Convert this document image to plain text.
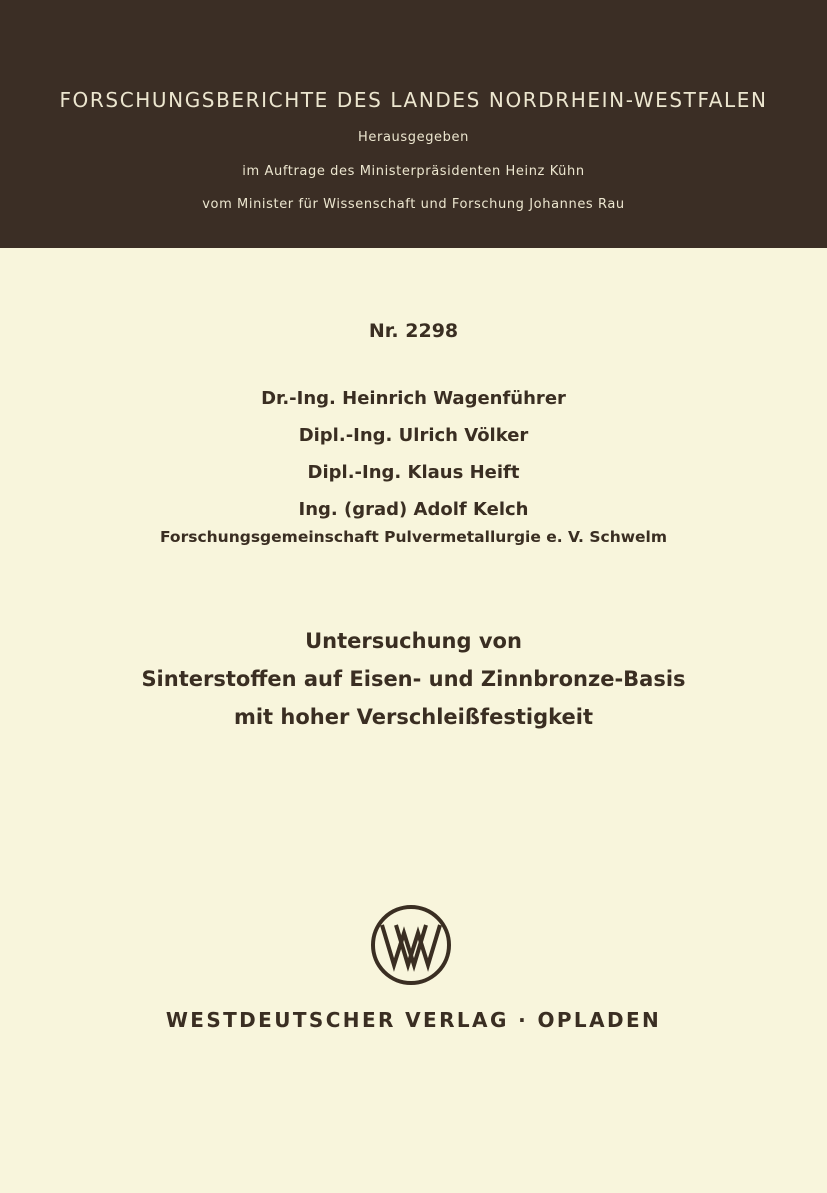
FORSCHUNGSBERICHTE DES LANDES NORDRHEIN-WESTFALEN
Herausgegeben
im Auftrage des Ministerpräsidenten Heinz Kühn
vom Minister für Wissenschaft und Forschung Johannes Rau
Nr. 2298
Dr.-Ing. Heinrich Wagenführer
Dipl.-Ing. Ulrich Völker
Dipl.-Ing. Klaus Heift
Ing. (grad) Adolf Kelch
Forschungsgemeinschaft Pulvermetallurgie e. V. Schwelm
Untersuchung von
Sinterstoffen auf Eisen- und Zinnbronze-Basis
mit hoher Verschleißfestigkeit
WESTDEUTSCHER VERLAG · OPLADEN
